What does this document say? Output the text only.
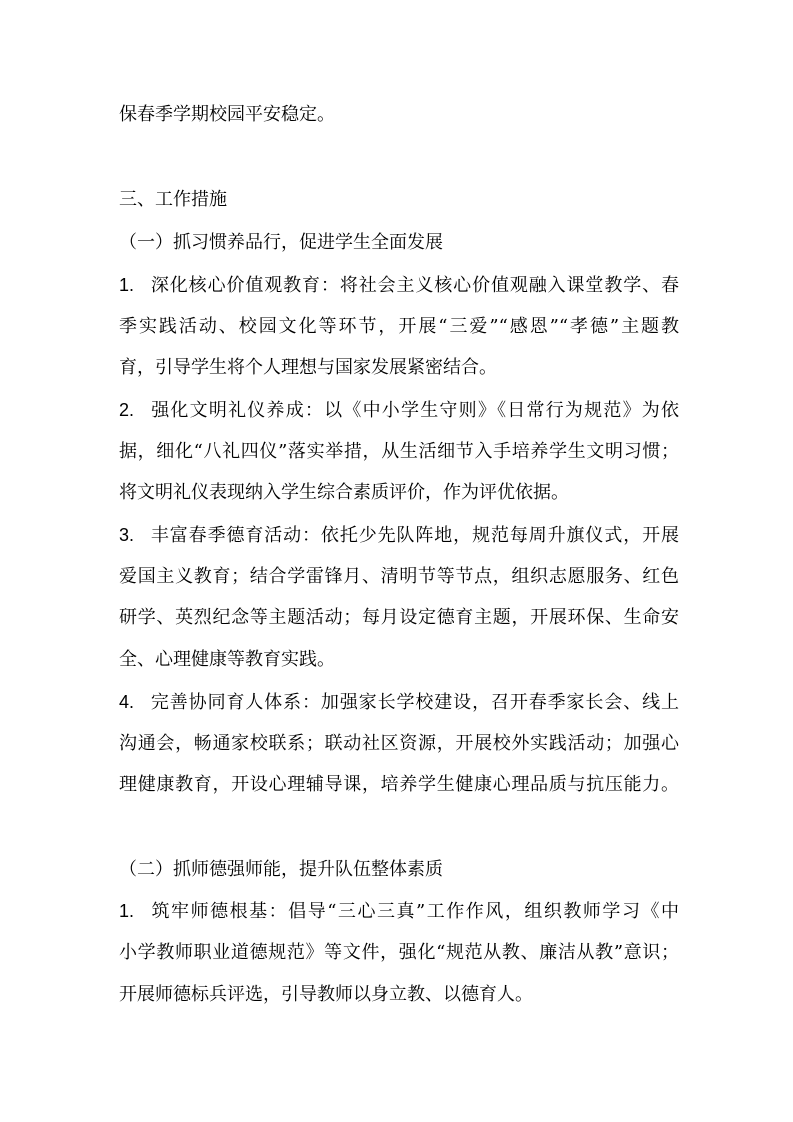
保春季学期校园平安稳定。
三、工作措施
（一）抓习惯养品行，促进学生全面发展
1. 深化核心价值观教育：将社会主义核心价值观融入课堂教学、春
季实践活动、校园文化等环节，开展“三爱”“感恩”“孝德”主题教
育，引导学生将个人理想与国家发展紧密结合。
2. 强化文明礼仪养成：以《中小学生守则》《日常行为规范》为依
据，细化“八礼四仪”落实举措，从生活细节入手培养学生文明习惯；
将文明礼仪表现纳入学生综合素质评价，作为评优依据。
3. 丰富春季德育活动：依托少先队阵地，规范每周升旗仪式，开展
爱国主义教育；结合学雷锋月、清明节等节点，组织志愿服务、红色
研学、英烈纪念等主题活动；每月设定德育主题，开展环保、生命安
全、心理健康等教育实践。
4. 完善协同育人体系：加强家长学校建设，召开春季家长会、线上
沟通会，畅通家校联系；联动社区资源，开展校外实践活动；加强心
理健康教育，开设心理辅导课，培养学生健康心理品质与抗压能力。
（二）抓师德强师能，提升队伍整体素质
1. 筑牢师德根基：倡导“三心三真”工作作风，组织教师学习《中
小学教师职业道德规范》等文件，强化“规范从教、廉洁从教”意识；
开展师德标兵评选，引导教师以身立教、以德育人。
